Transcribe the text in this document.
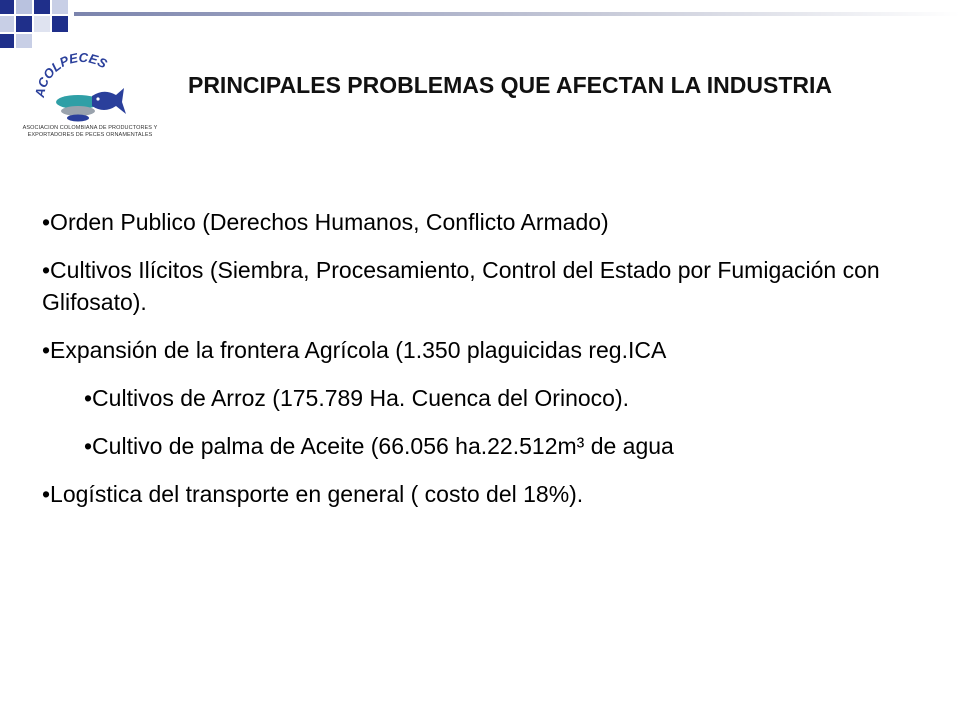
ACOLPECES
ASOCIACION COLOMBIANA DE PRODUCTORES Y EXPORTADORES DE PECES ORNAMENTALES
PRINCIPALES PROBLEMAS QUE AFECTAN LA INDUSTRIA

•Orden Publico (Derechos Humanos, Conflicto Armado)

•Cultivos Ilícitos (Siembra, Procesamiento, Control del Estado por Fumigación con Glifosato).

•Expansión de la frontera Agrícola (1.350 plaguicidas reg.ICA

•Cultivos de Arroz (175.789 Ha. Cuenca del Orinoco).

•Cultivo de palma de Aceite (66.056 ha.22.512m³ de agua

•Logística del transporte en general ( costo del 18%).
